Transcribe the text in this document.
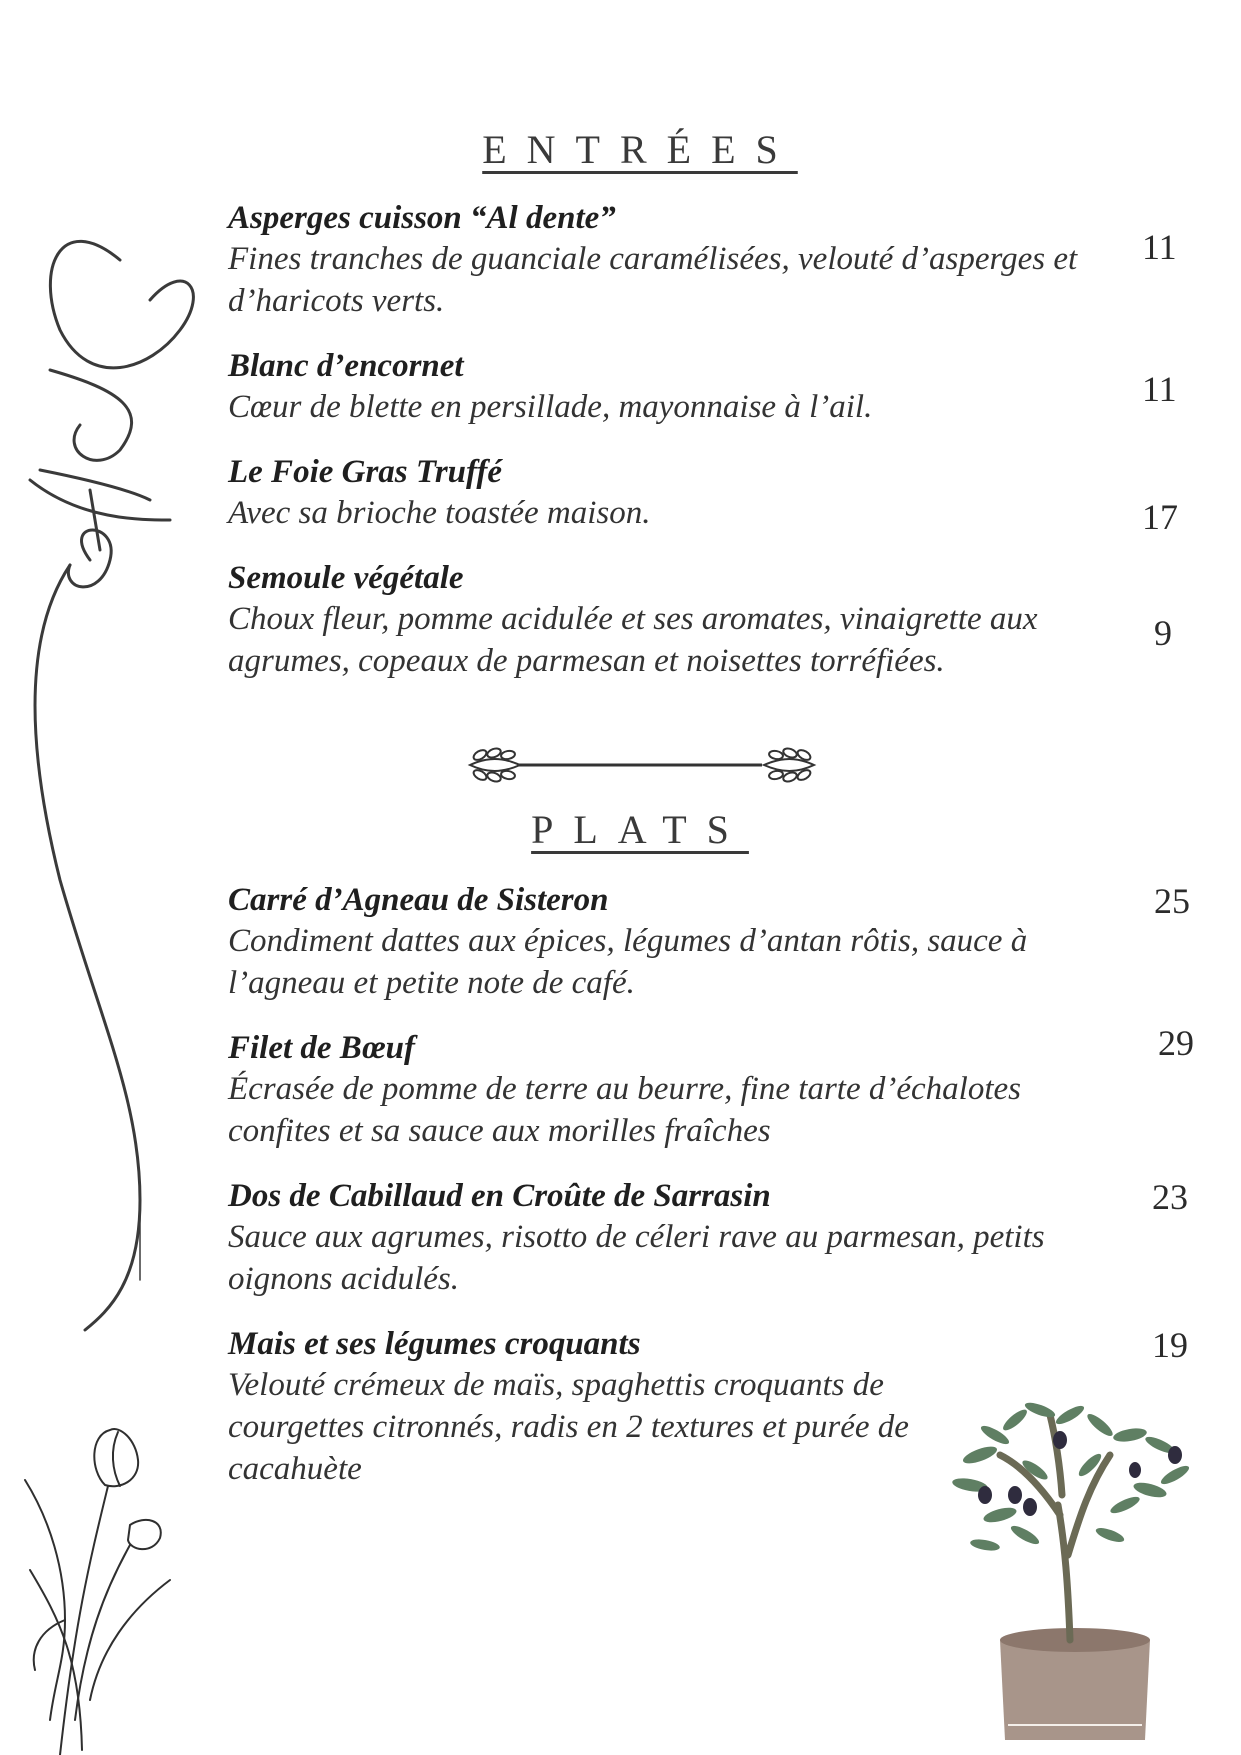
ENTRÉES
Asperges cuisson “Al dente”
Fines tranches de guanciale caramélisées, velouté d’asperges et d’haricots verts.
11
Blanc d’encornet
Cœur de blette en persillade, mayonnaise à l’ail.	11
Le Foie Gras Truffé
Avec sa brioche toastée maison.	17
Semoule végétale
Choux fleur, pomme acidulée et ses aromates, vinaigrette aux agrumes, copeaux de parmesan et noisettes torréfiées.
9
PLATS
Carré d’Agneau de Sisteron
Condiment dattes aux épices, légumes d’antan rôtis, sauce à l’agneau et petite note de café.
25
Filet de Bœuf
Écrasée de pomme de terre au beurre, fine tarte d’échalotes confites et sa sauce aux morilles fraîches
29
Dos de Cabillaud en Croûte de Sarrasin
Sauce aux agrumes, risotto de céleri rave au parmesan, petits oignons acidulés.
23
Mais et ses légumes croquants
Velouté crémeux de maïs, spaghettis croquants de courgettes citronnés, radis en 2 textures et purée de cacahuète
19
